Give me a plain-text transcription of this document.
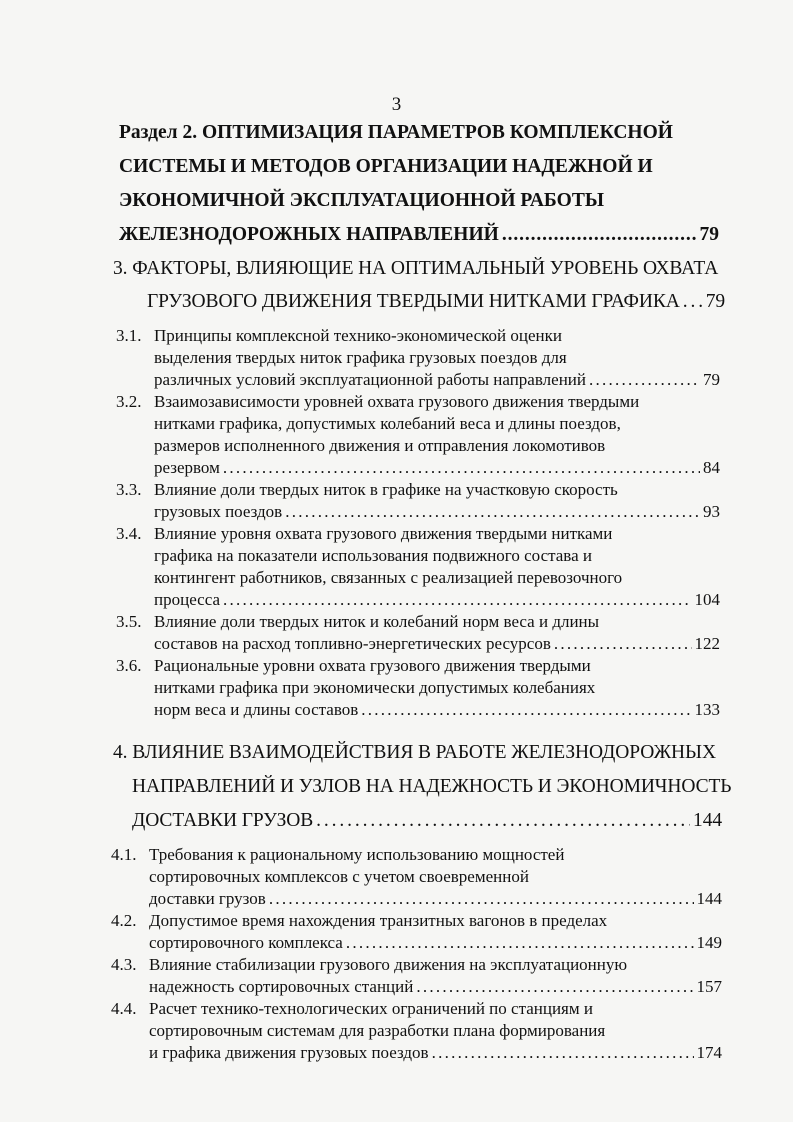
3
Раздел 2. ОПТИМИЗАЦИЯ ПАРАМЕТРОВ КОМПЛЕКСНОЙ
СИСТЕМЫ И МЕТОДОВ ОРГАНИЗАЦИИ НАДЕЖНОЙ И
ЭКОНОМИЧНОЙ ЭКСПЛУАТАЦИОННОЙ РАБОТЫ
ЖЕЛЕЗНОДОРОЖНЫХ НАПРАВЛЕНИЙ . . .	79
3. ФАКТОРЫ, ВЛИЯЮЩИЕ НА ОПТИМАЛЬНЫЙ УРОВЕНЬ ОХВАТА
ГРУЗОВОГО ДВИЖЕНИЯ ТВЕРДЫМИ НИТКАМИ ГРАФИКА . . . 79
3.1. Принципы комплексной технико-экономической оценки
выделения твердых ниток графика грузовых поездов для
различных условий эксплуатационной работы направлений . . .	79
3.2. Взаимозависимости уровней охвата грузового движения твердыми
нитками графика, допустимых колебаний веса и длины поездов,
размеров исполненного движения и отправления локомотивов
резервом . . .	84
3.3. Влияние доли твердых ниток в графике на участковую скорость
грузовых поездов . . .	93
3.4. Влияние уровня охвата грузового движения твердыми нитками
графика на показатели использования подвижного состава и
контингент работников, связанных с реализацией перевозочного
процесса . . .	104
3.5. Влияние доли твердых ниток и колебаний норм веса и длины
составов на расход топливно-энергетических ресурсов . . .	122
3.6. Рациональные уровни охвата грузового движения твердыми
нитками графика при экономически допустимых колебаниях
норм веса и длины составов . . .	133
4. ВЛИЯНИЕ ВЗАИМОДЕЙСТВИЯ В РАБОТЕ ЖЕЛЕЗНОДОРОЖНЫХ
НАПРАВЛЕНИЙ И УЗЛОВ НА НАДЕЖНОСТЬ И ЭКОНОМИЧНОСТЬ
ДОСТАВКИ ГРУЗОВ . . .	144
4.1. Требования к рациональному использованию мощностей
сортировочных комплексов с учетом своевременной
доставки грузов . . .	144
4.2. Допустимое время нахождения транзитных вагонов в пределах
сортировочного комплекса . . .	149
4.3. Влияние стабилизации грузового движения на эксплуатационную
надежность сортировочных станций . . .	157
4.4. Расчет технико-технологических ограничений по станциям и
сортировочным системам для разработки плана формирования
и графика движения грузовых поездов . . .	174
